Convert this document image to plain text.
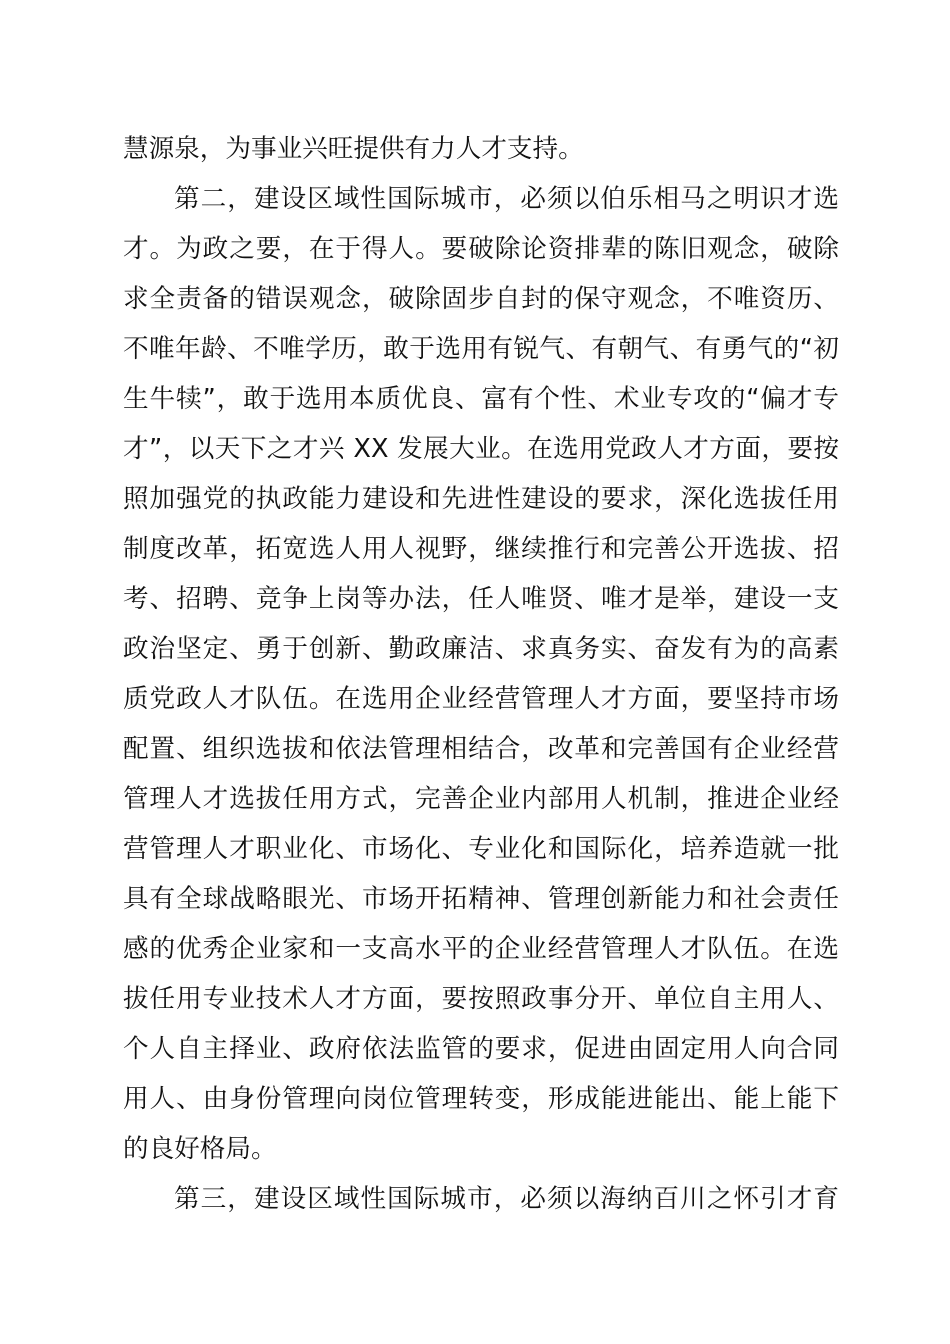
慧源泉，为事业兴旺提供有力人才支持。
第二，建设区域性国际城市，必须以伯乐相马之明识才选
才。为政之要，在于得人。要破除论资排辈的陈旧观念，破除
求全责备的错误观念，破除固步自封的保守观念，不唯资历、
不唯年龄、不唯学历，敢于选用有锐气、有朝气、有勇气的“初
生牛犊”，敢于选用本质优良、富有个性、术业专攻的“偏才专
才”，以天下之才兴 XX 发展大业。在选用党政人才方面，要按
照加强党的执政能力建设和先进性建设的要求，深化选拔任用
制度改革，拓宽选人用人视野，继续推行和完善公开选拔、招
考、招聘、竞争上岗等办法，任人唯贤、唯才是举，建设一支
政治坚定、勇于创新、勤政廉洁、求真务实、奋发有为的高素
质党政人才队伍。在选用企业经营管理人才方面，要坚持市场
配置、组织选拔和依法管理相结合，改革和完善国有企业经营
管理人才选拔任用方式，完善企业内部用人机制，推进企业经
营管理人才职业化、市场化、专业化和国际化，培养造就一批
具有全球战略眼光、市场开拓精神、管理创新能力和社会责任
感的优秀企业家和一支高水平的企业经营管理人才队伍。在选
拔任用专业技术人才方面，要按照政事分开、单位自主用人、
个人自主择业、政府依法监管的要求，促进由固定用人向合同
用人、由身份管理向岗位管理转变，形成能进能出、能上能下
的良好格局。
第三，建设区域性国际城市，必须以海纳百川之怀引才育
